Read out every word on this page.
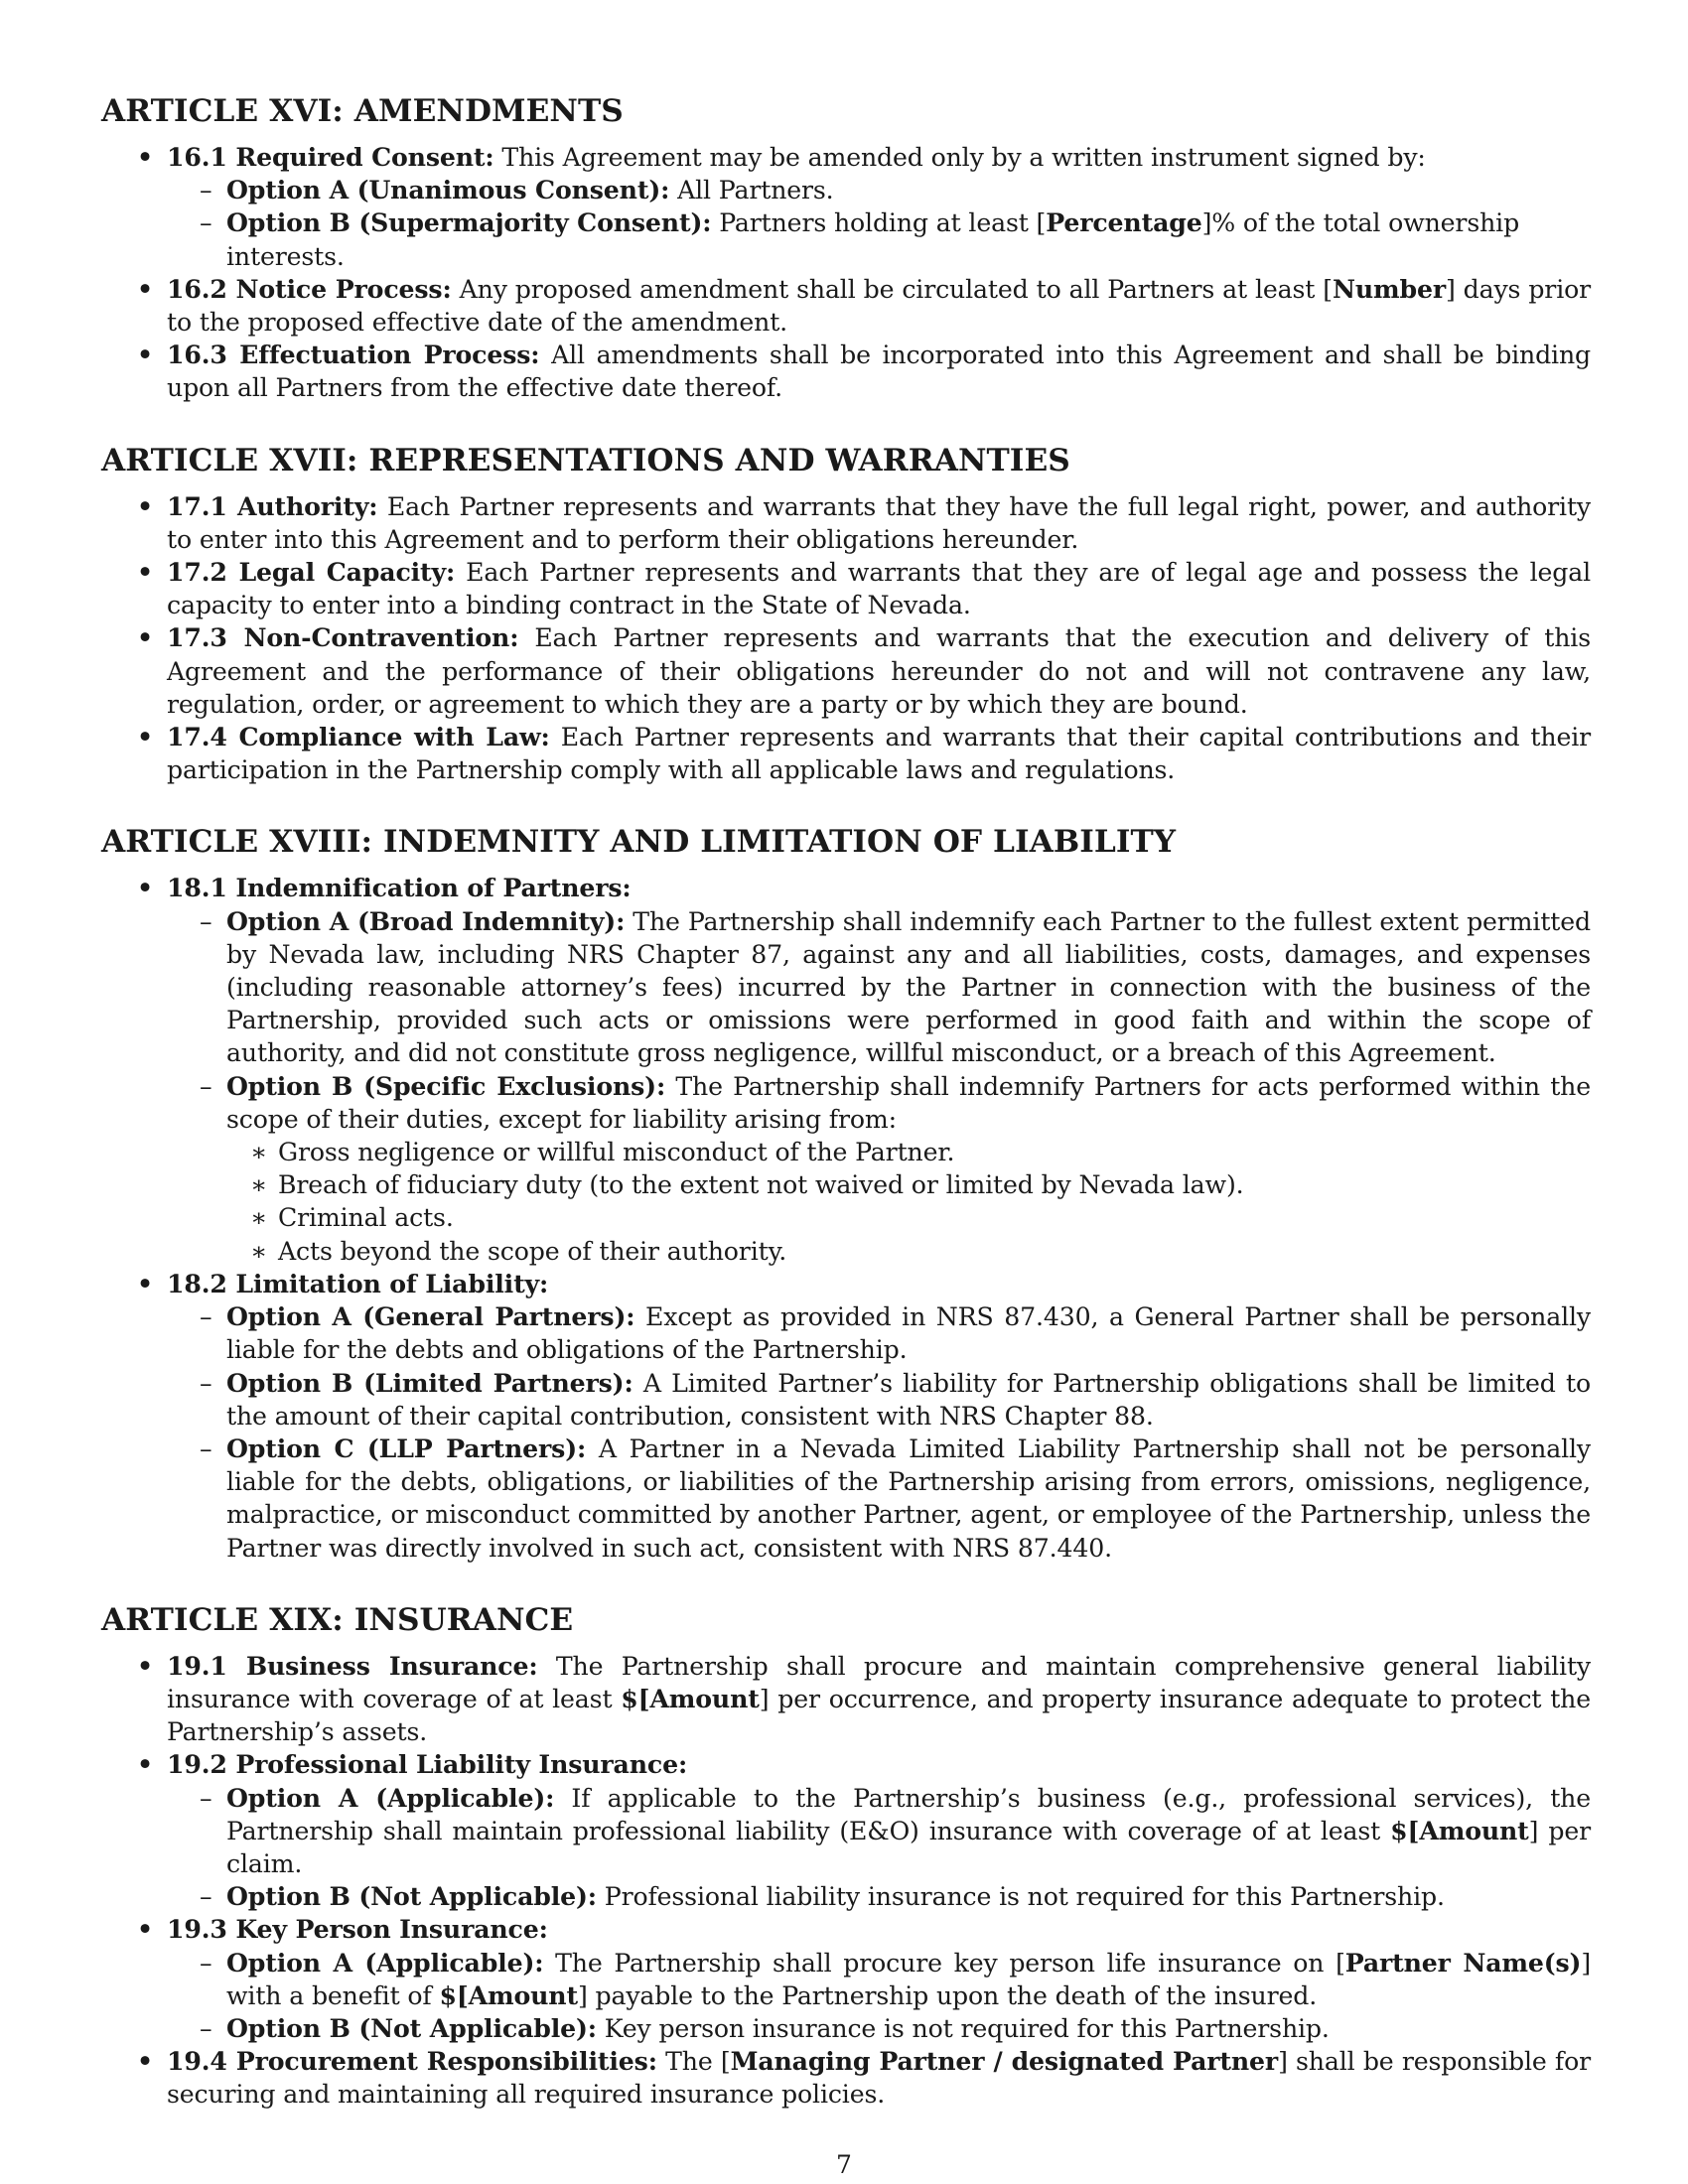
ARTICLE XVI: AMENDMENTS
• 16.1 Required Consent: This Agreement may be amended only by a written instrument signed by:
– Option A (Unanimous Consent): All Partners.
– Option B (Supermajority Consent): Partners holding at least [Percentage]% of the total ownership interests.
• 16.2 Notice Process: Any proposed amendment shall be circulated to all Partners at least [Number] days prior to the proposed effective date of the amendment.
• 16.3 Effectuation Process: All amendments shall be incorporated into this Agreement and shall be binding upon all Partners from the effective date thereof.
ARTICLE XVII: REPRESENTATIONS AND WARRANTIES
• 17.1 Authority: Each Partner represents and warrants that they have the full legal right, power, and authority to enter into this Agreement and to perform their obligations hereunder.
• 17.2 Legal Capacity: Each Partner represents and warrants that they are of legal age and possess the legal capacity to enter into a binding contract in the State of Nevada.
• 17.3 Non-Contravention: Each Partner represents and warrants that the execution and delivery of this Agreement and the performance of their obligations hereunder do not and will not contravene any law, regulation, order, or agreement to which they are a party or by which they are bound.
• 17.4 Compliance with Law: Each Partner represents and warrants that their capital contributions and their participation in the Partnership comply with all applicable laws and regulations.
ARTICLE XVIII: INDEMNITY AND LIMITATION OF LIABILITY
• 18.1 Indemnification of Partners:
– Option A (Broad Indemnity): The Partnership shall indemnify each Partner to the fullest extent permitted by Nevada law, including NRS Chapter 87, against any and all liabilities, costs, damages, and expenses (including reasonable attorney’s fees) incurred by the Partner in connection with the business of the Partnership, provided such acts or omissions were performed in good faith and within the scope of authority, and did not constitute gross negligence, willful misconduct, or a breach of this Agreement.
– Option B (Specific Exclusions): The Partnership shall indemnify Partners for acts performed within the scope of their duties, except for liability arising from:
∗ Gross negligence or willful misconduct of the Partner.
∗ Breach of fiduciary duty (to the extent not waived or limited by Nevada law).
∗ Criminal acts.
∗ Acts beyond the scope of their authority.
• 18.2 Limitation of Liability:
– Option A (General Partners): Except as provided in NRS 87.430, a General Partner shall be personally liable for the debts and obligations of the Partnership.
– Option B (Limited Partners): A Limited Partner’s liability for Partnership obligations shall be limited to the amount of their capital contribution, consistent with NRS Chapter 88.
– Option C (LLP Partners): A Partner in a Nevada Limited Liability Partnership shall not be personally liable for the debts, obligations, or liabilities of the Partnership arising from errors, omissions, negligence, malpractice, or misconduct committed by another Partner, agent, or employee of the Partnership, unless the Partner was directly involved in such act, consistent with NRS 87.440.
ARTICLE XIX: INSURANCE
• 19.1 Business Insurance: The Partnership shall procure and maintain comprehensive general liability insurance with coverage of at least $[Amount] per occurrence, and property insurance adequate to protect the Partnership’s assets.
• 19.2 Professional Liability Insurance:
– Option A (Applicable): If applicable to the Partnership’s business (e.g., professional services), the Partnership shall maintain professional liability (E&O) insurance with coverage of at least $[Amount] per claim.
– Option B (Not Applicable): Professional liability insurance is not required for this Partnership.
• 19.3 Key Person Insurance:
– Option A (Applicable): The Partnership shall procure key person life insurance on [Partner Name(s)] with a benefit of $[Amount] payable to the Partnership upon the death of the insured.
– Option B (Not Applicable): Key person insurance is not required for this Partnership.
• 19.4 Procurement Responsibilities: The [Managing Partner / designated Partner] shall be responsible for securing and maintaining all required insurance policies.
7
